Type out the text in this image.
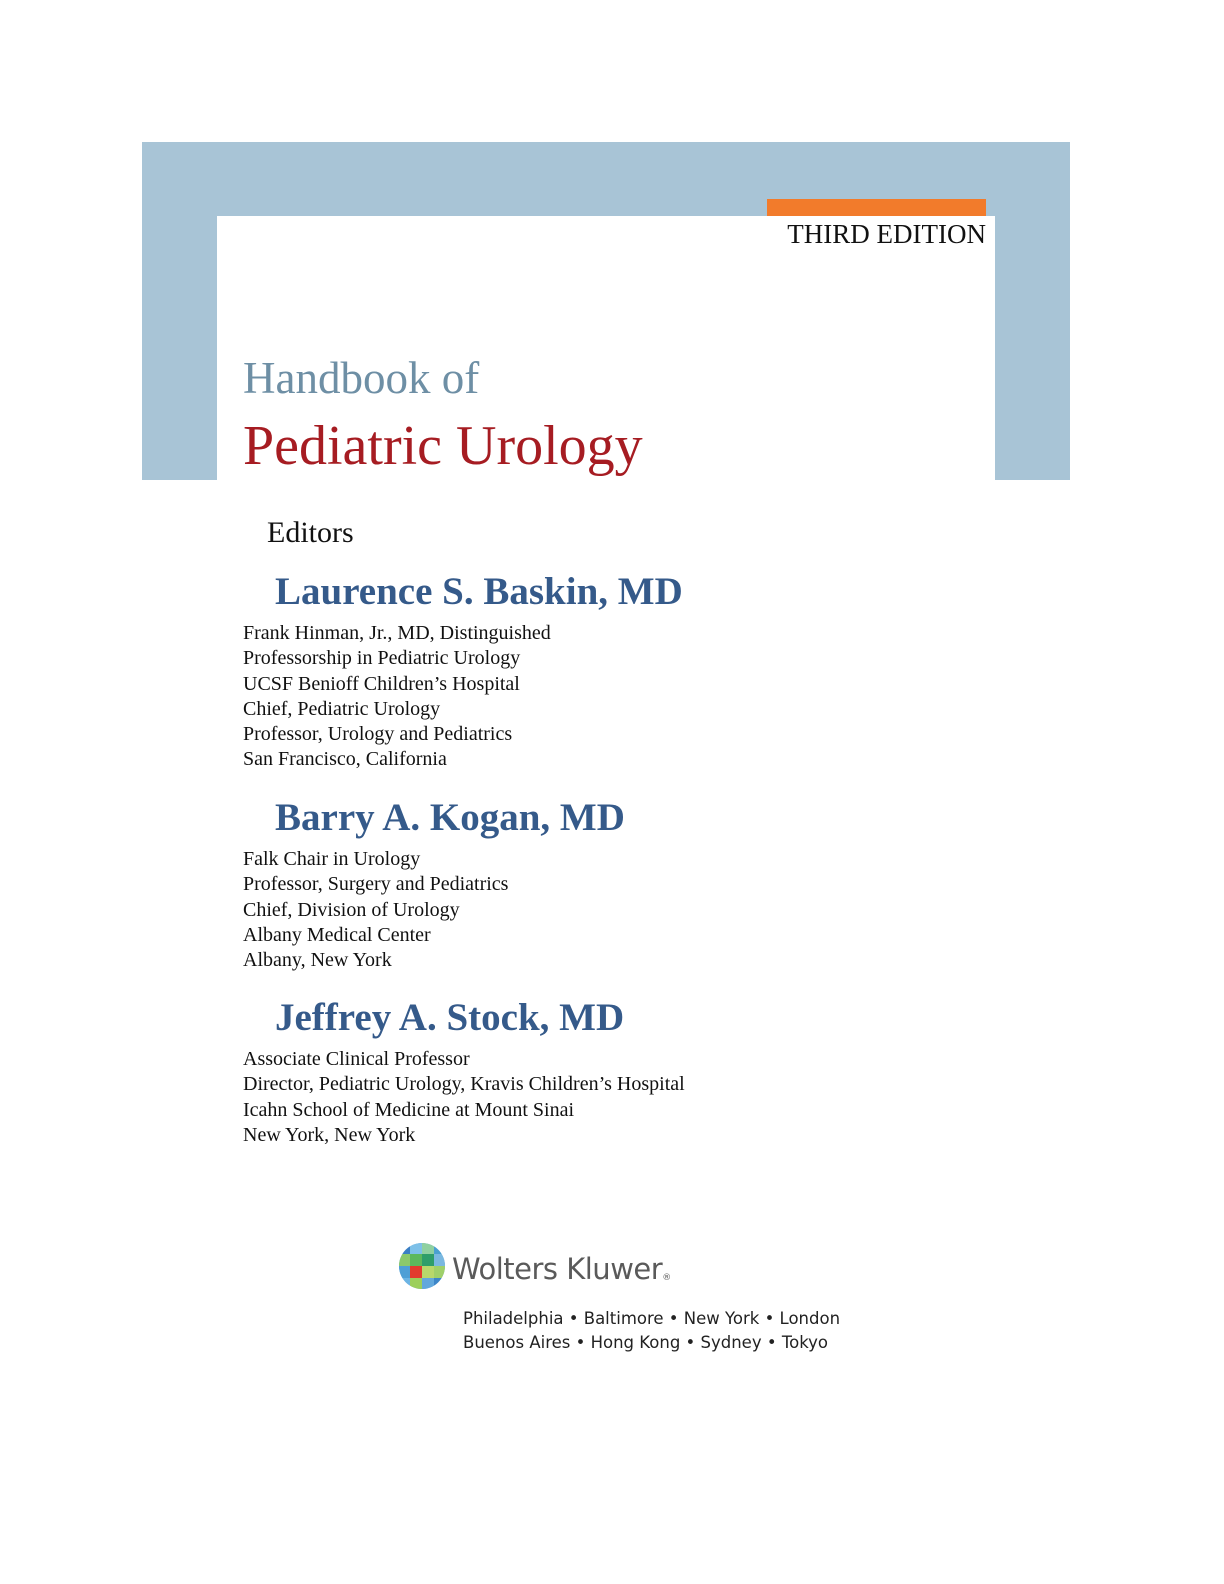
THIRD EDITION
Handbook of
Pediatric Urology
Editors
Laurence S. Baskin, MD
Frank Hinman, Jr., MD, Distinguished
Professorship in Pediatric Urology
UCSF Benioff Children’s Hospital
Chief, Pediatric Urology
Professor, Urology and Pediatrics
San Francisco, California
Barry A. Kogan, MD
Falk Chair in Urology
Professor, Surgery and Pediatrics
Chief, Division of Urology
Albany Medical Center
Albany, New York
Jeffrey A. Stock, MD
Associate Clinical Professor
Director, Pediatric Urology, Kravis Children’s Hospital
Icahn School of Medicine at Mount Sinai
New York, New York
Wolters Kluwer®
Philadelphia • Baltimore • New York • London
Buenos Aires • Hong Kong • Sydney • Tokyo
